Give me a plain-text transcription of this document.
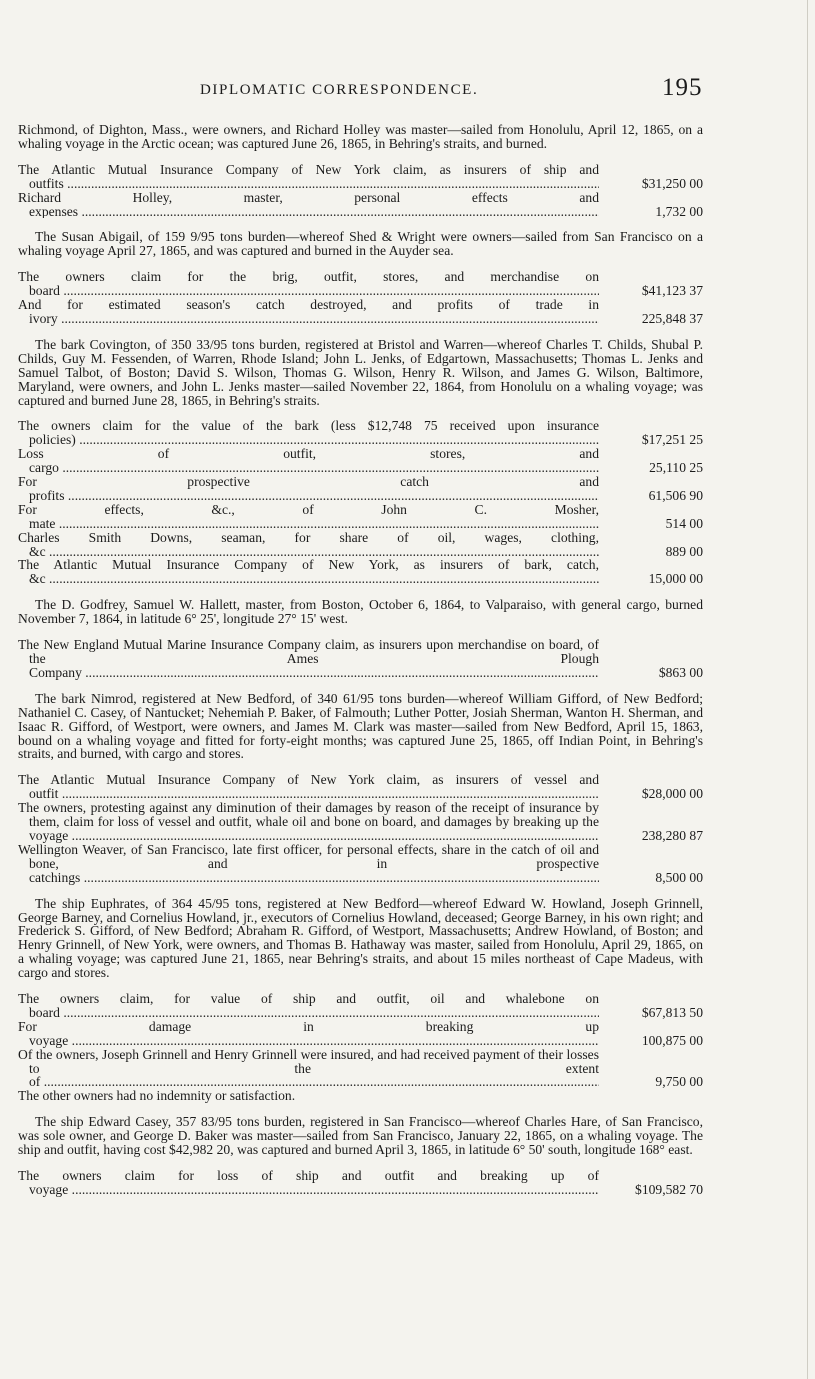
DIPLOMATIC CORRESPONDENCE.	195

Richmond, of Dighton, Mass., were owners, and Richard Holley was master—sailed from Honolulu, April 12, 1865, on a whaling voyage in the Arctic ocean; was captured June 26, 1865, in Behring's straits, and burned.

The Atlantic Mutual Insurance Company of New York claim, as insurers of ship and outfits .....	$31,250 00
Richard Holley, master, personal effects and expenses .....	1,732 00

The Susan Abigail, of 159 9/95 tons burden—whereof Shed & Wright were owners—sailed from San Francisco on a whaling voyage April 27, 1865, and was captured and burned in the Auyder sea.

The owners claim for the brig, outfit, stores, and merchandise on board .....	$41,123 37
And for estimated season's catch destroyed, and profits of trade in ivory .....	225,848 37

The bark Covington, of 350 33/95 tons burden, registered at Bristol and Warren—whereof Charles T. Childs, Shubal P. Childs, Guy M. Fessenden, of Warren, Rhode Island; John L. Jenks, of Edgartown, Massachusetts; Thomas L. Jenks and Samuel Talbot, of Boston; David S. Wilson, Thomas G. Wilson, Henry R. Wilson, and James G. Wilson, Baltimore, Maryland, were owners, and John L. Jenks master—sailed November 22, 1864, from Honolulu on a whaling voyage; was captured and burned June 28, 1865, in Behring's straits.

The owners claim for the value of the bark (less $12,748 75 received upon insurance policies) .....	$17,251 25
Loss of outfit, stores, and cargo .....	25,110 25
For prospective catch and profits .....	61,506 90
For effects, &c., of John C. Mosher, mate .....	514 00
Charles Smith Downs, seaman, for share of oil, wages, clothing, &c .....	889 00
The Atlantic Mutual Insurance Company of New York, as insurers of bark, catch, &c .....	15,000 00

The D. Godfrey, Samuel W. Hallett, master, from Boston, October 6, 1864, to Valparaiso, with general cargo, burned November 7, 1864, in latitude 6° 25', longitude 27° 15' west.

The New England Mutual Marine Insurance Company claim, as insurers upon merchandise on board, of the Ames Plough Company .....	$863 00

The bark Nimrod, registered at New Bedford, of 340 61/95 tons burden—whereof William Gifford, of New Bedford; Nathaniel C. Casey, of Nantucket; Nehemiah P. Baker, of Falmouth; Luther Potter, Josiah Sherman, Wanton H. Sherman, and Isaac R. Gifford, of Westport, were owners, and James M. Clark was master—sailed from New Bedford, April 15, 1863, bound on a whaling voyage and fitted for forty-eight months; was captured June 25, 1865, off Indian Point, in Behring's straits, and burned, with cargo and stores.

The Atlantic Mutual Insurance Company of New York claim, as insurers of vessel and outfit .....	$28,000 00
The owners, protesting against any diminution of their damages by reason of the receipt of insurance by them, claim for loss of vessel and outfit, whale oil and bone on board, and damages by breaking up the voyage .....	238,280 87
Wellington Weaver, of San Francisco, late first officer, for personal effects, share in the catch of oil and bone, and in prospective catchings .....	8,500 00

The ship Euphrates, of 364 45/95 tons, registered at New Bedford—whereof Edward W. Howland, Joseph Grinnell, George Barney, and Cornelius Howland, jr., executors of Cornelius Howland, deceased; George Barney, in his own right; and Frederick S. Gifford, of New Bedford; Abraham R. Gifford, of Westport, Massachusetts; Andrew Howland, of Boston; and Henry Grinnell, of New York, were owners, and Thomas B. Hathaway was master, sailed from Honolulu, April 29, 1865, on a whaling voyage; was captured June 21, 1865, near Behring's straits, and about 15 miles northeast of Cape Madeus, with cargo and stores.

The owners claim, for value of ship and outfit, oil and whalebone on board .....	$67,813 50
For damage in breaking up voyage .....	100,875 00
Of the owners, Joseph Grinnell and Henry Grinnell were insured, and had received payment of their losses to the extent of .....	9,750 00
The other owners had no indemnity or satisfaction.

The ship Edward Casey, 357 83/95 tons burden, registered in San Francisco—whereof Charles Hare, of San Francisco, was sole owner, and George D. Baker was master—sailed from San Francisco, January 22, 1865, on a whaling voyage. The ship and outfit, having cost $42,982 20, was captured and burned April 3, 1865, in latitude 6° 50' south, longitude 168° east.

The owners claim for loss of ship and outfit and breaking up of voyage .....	$109,582 70
